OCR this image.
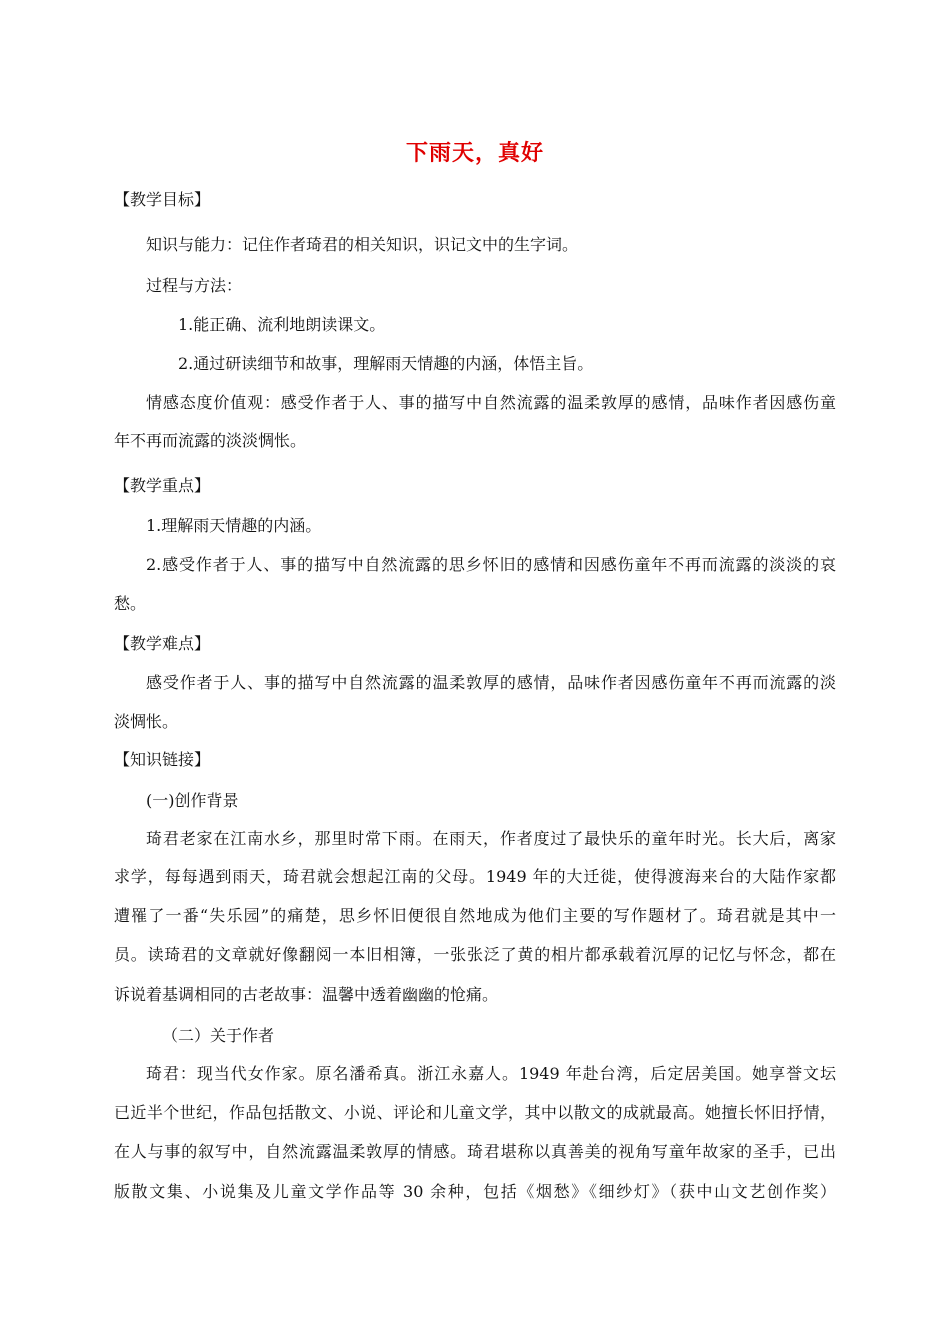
下雨天，真好
【教学目标】
知识与能力：记住作者琦君的相关知识，识记文中的生字词。
过程与方法：
1.能正确、流利地朗读课文。
2.通过研读细节和故事，理解雨天情趣的内涵，体悟主旨。
情感态度价值观：感受作者于人、事的描写中自然流露的温柔敦厚的感情，品味作者因感伤童
年不再而流露的淡淡惆怅。
【教学重点】
1.理解雨天情趣的内涵。
2.感受作者于人、事的描写中自然流露的思乡怀旧的感情和因感伤童年不再而流露的淡淡的哀
愁。
【教学难点】
感受作者于人、事的描写中自然流露的温柔敦厚的感情，品味作者因感伤童年不再而流露的淡
淡惆怅。
【知识链接】
(一)创作背景
琦君老家在江南水乡，那里时常下雨。在雨天，作者度过了最快乐的童年时光。长大后，离家
求学，每每遇到雨天，琦君就会想起江南的父母。1949 年的大迁徙，使得渡海来台的大陆作家都
遭罹了一番“失乐园”的痛楚，思乡怀旧便很自然地成为他们主要的写作题材了。琦君就是其中一
员。读琦君的文章就好像翻阅一本旧相簿，一张张泛了黄的相片都承载着沉厚的记忆与怀念，都在
诉说着基调相同的古老故事：温馨中透着幽幽的怆痛。
（二）关于作者
琦君：现当代女作家。原名潘希真。浙江永嘉人。1949 年赴台湾，后定居美国。她享誉文坛
已近半个世纪，作品包括散文、小说、评论和儿童文学，其中以散文的成就最高。她擅长怀旧抒情，
在人与事的叙写中，自然流露温柔敦厚的情感。琦君堪称以真善美的视角写童年故家的圣手，已出
版散文集、小说集及儿童文学作品等 30 余种，包括《烟愁》《细纱灯》（获中山文艺创作奖）
